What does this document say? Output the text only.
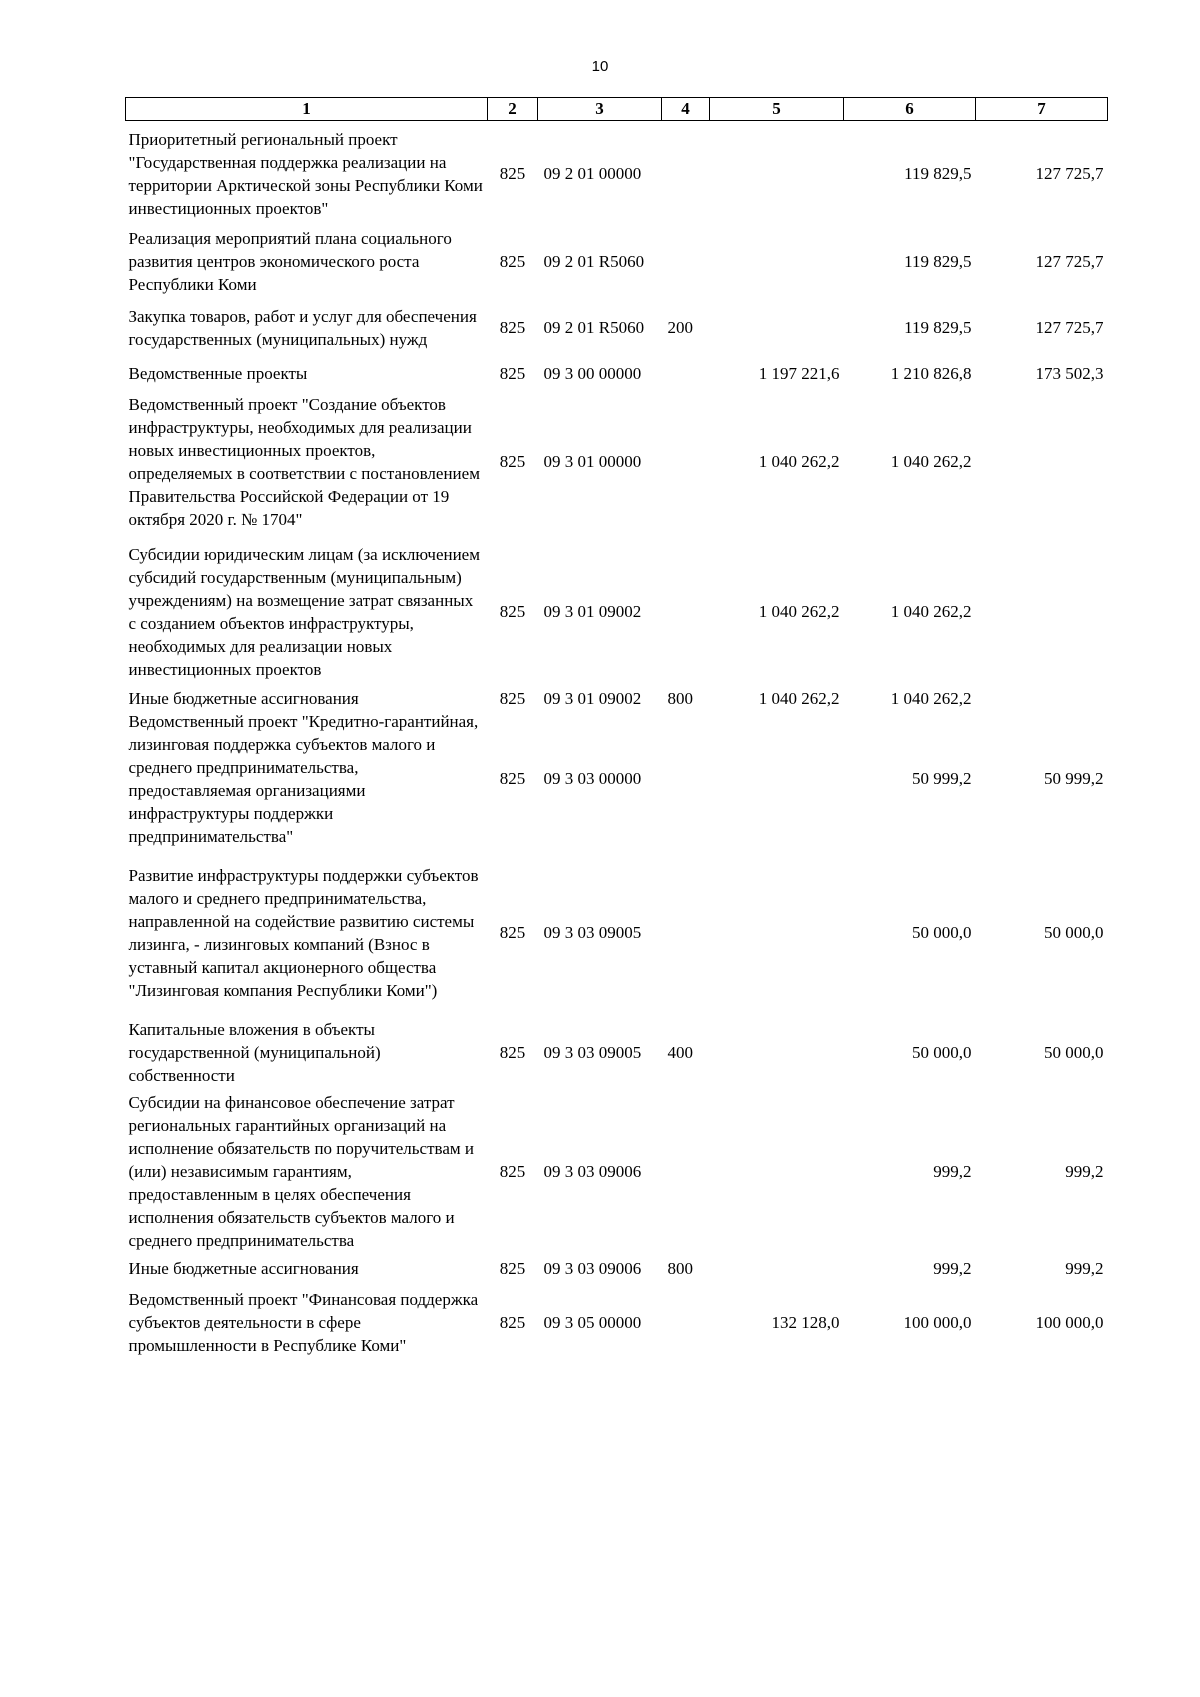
10
1	2	3	4	5	6	7
Приоритетный региональный проект "Государственная поддержка реализации на территории Арктической зоны Республики Коми инвестиционных проектов"	825	09 2 01 00000			119 829,5	127 725,7
Реализация мероприятий плана социального развития центров экономического роста Республики Коми	825	09 2 01 R5060			119 829,5	127 725,7
Закупка товаров, работ и услуг для обеспечения государственных (муниципальных) нужд	825	09 2 01 R5060	200		119 829,5	127 725,7
Ведомственные проекты	825	09 3 00 00000		1 197 221,6	1 210 826,8	173 502,3
Ведомственный проект "Создание объектов инфраструктуры, необходимых для реализации новых инвестиционных проектов, определяемых в соответствии с постановлением Правительства Российской Федерации от 19 октября 2020 г. № 1704"	825	09 3 01 00000		1 040 262,2	1 040 262,2	
Субсидии юридическим лицам (за исключением субсидий государственным (муниципальным) учреждениям) на возмещение затрат связанных с созданием объектов инфраструктуры, необходимых для реализации новых инвестиционных проектов	825	09 3 01 09002		1 040 262,2	1 040 262,2	
Иные бюджетные ассигнования	825	09 3 01 09002	800	1 040 262,2	1 040 262,2	
Ведомственный проект "Кредитно-гарантийная, лизинговая поддержка субъектов малого и среднего предпринимательства, предоставляемая организациями инфраструктуры поддержки предпринимательства"	825	09 3 03 00000			50 999,2	50 999,2
Развитие инфраструктуры поддержки субъектов малого и среднего предпринимательства, направленной на содействие развитию системы лизинга, - лизинговых компаний (Взнос в уставный капитал акционерного общества "Лизинговая компания Республики Коми")	825	09 3 03 09005			50 000,0	50 000,0
Капитальные вложения в объекты государственной (муниципальной) собственности	825	09 3 03 09005	400		50 000,0	50 000,0
Субсидии на финансовое обеспечение затрат региональных гарантийных организаций на исполнение обязательств по поручительствам и (или) независимым гарантиям, предоставленным в целях обеспечения исполнения обязательств субъектов малого и среднего предпринимательства	825	09 3 03 09006			999,2	999,2
Иные бюджетные ассигнования	825	09 3 03 09006	800		999,2	999,2
Ведомственный проект "Финансовая поддержка субъектов деятельности в сфере промышленности в Республике Коми"	825	09 3 05 00000		132 128,0	100 000,0	100 000,0
